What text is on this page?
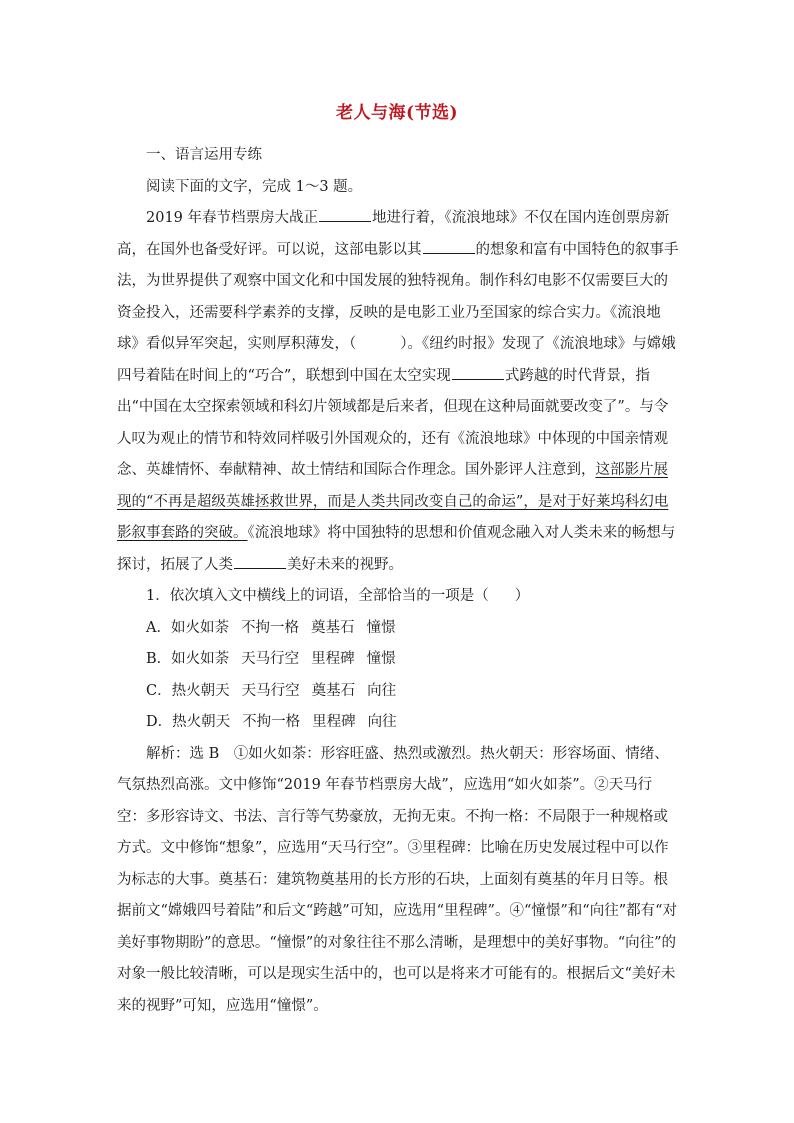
老人与海(节选)

一、语言运用专练

阅读下面的文字，完成 1～3 题。

2019 年春节档票房大战正	地进行着，《流浪地球》不仅在国内连创票房新高，在国外也备受好评。可以说，这部电影以其	的想象和富有中国特色的叙事手法，为世界提供了观察中国文化和中国发展的独特视角。制作科幻电影不仅需要巨大的资金投入，还需要科学素养的支撑，反映的是电影工业乃至国家的综合实力。《流浪地球》看似异军突起，实则厚积薄发，（	）。《纽约时报》发现了《流浪地球》与嫦娥四号着陆在时间上的“巧合”，联想到中国在太空实现	式跨越的时代背景，指出“中国在太空探索领域和科幻片领域都是后来者，但现在这种局面就要改变了”。与令人叹为观止的情节和特效同样吸引外国观众的，还有《流浪地球》中体现的中国亲情观念、英雄情怀、奉献精神、故土情结和国际合作理念。国外影评人注意到，这部影片展现的“不再是超级英雄拯救世界，而是人类共同改变自己的命运”，是对于好莱坞科幻电影叙事套路的突破。《流浪地球》将中国独特的思想和价值观念融入对人类未来的畅想与探讨，拓展了人类	美好未来的视野。

1．依次填入文中横线上的词语，全部恰当的一项是（ ）

A．如火如荼 不拘一格 奠基石 憧憬

B．如火如荼 天马行空 里程碑 憧憬

C．热火朝天 天马行空 奠基石 向往

D．热火朝天 不拘一格 里程碑 向往

解析：选 B　①如火如荼：形容旺盛、热烈或激烈。热火朝天：形容场面、情绪、气氛热烈高涨。文中修饰“2019 年春节档票房大战”，应选用“如火如荼”。②天马行空：多形容诗文、书法、言行等气势豪放，无拘无束。不拘一格：不局限于一种规格或方式。文中修饰“想象”，应选用“天马行空”。③里程碑：比喻在历史发展过程中可以作为标志的大事。奠基石：建筑物奠基用的长方形的石块，上面刻有奠基的年月日等。根据前文“嫦娥四号着陆”和后文“跨越”可知，应选用“里程碑”。④“憧憬”和“向往”都有“对美好事物期盼”的意思。“憧憬”的对象往往不那么清晰，是理想中的美好事物。“向往”的对象一般比较清晰，可以是现实生活中的，也可以是将来才可能有的。根据后文“美好未来的视野”可知，应选用“憧憬”。
